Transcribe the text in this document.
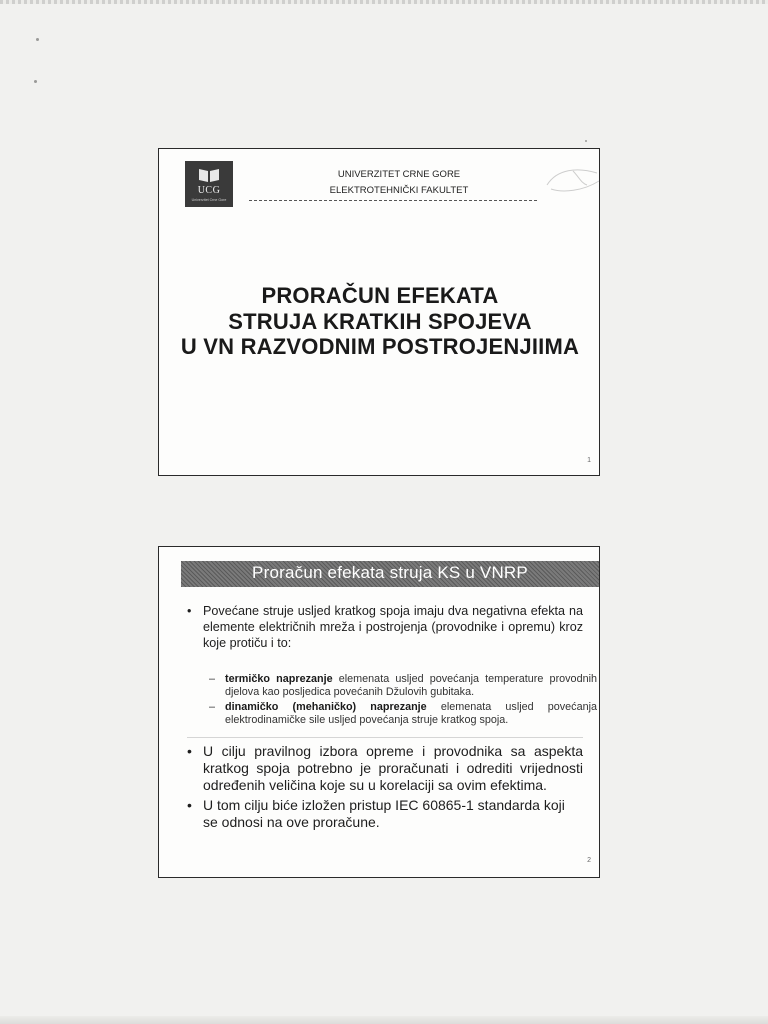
UCG
Univerzitet Crne Gore
UNIVERZITET CRNE GORE
ELEKTROTEHNIČKI FAKULTET
PRORAČUN EFEKATA
STRUJA KRATKIH SPOJEVA
U VN RAZVODNIM POSTROJENJIIMA
1
Proračun efekata struja KS u VNRP
• Povećane struje usljed kratkog spoja imaju dva negativna efekta na elemente električnih mreža i postrojenja (provodnike i opremu) kroz koje protiču i to:
– termičko naprezanje elemenata usljed povećanja temperature provodnih djelova kao posljedica povećanih Džulovih gubitaka.
– dinamičko (mehaničko) naprezanje elemenata usljed povećanja elektrodinamičke sile usljed povećanja struje kratkog spoja.
• U cilju pravilnog izbora opreme i provodnika sa aspekta kratkog spoja potrebno je proračunati i odrediti vrijednosti određenih veličina koje su u korelaciji sa ovim efektima.
• U tom cilju biće izložen pristup IEC 60865-1 standarda koji se odnosi na ove proračune.
2
